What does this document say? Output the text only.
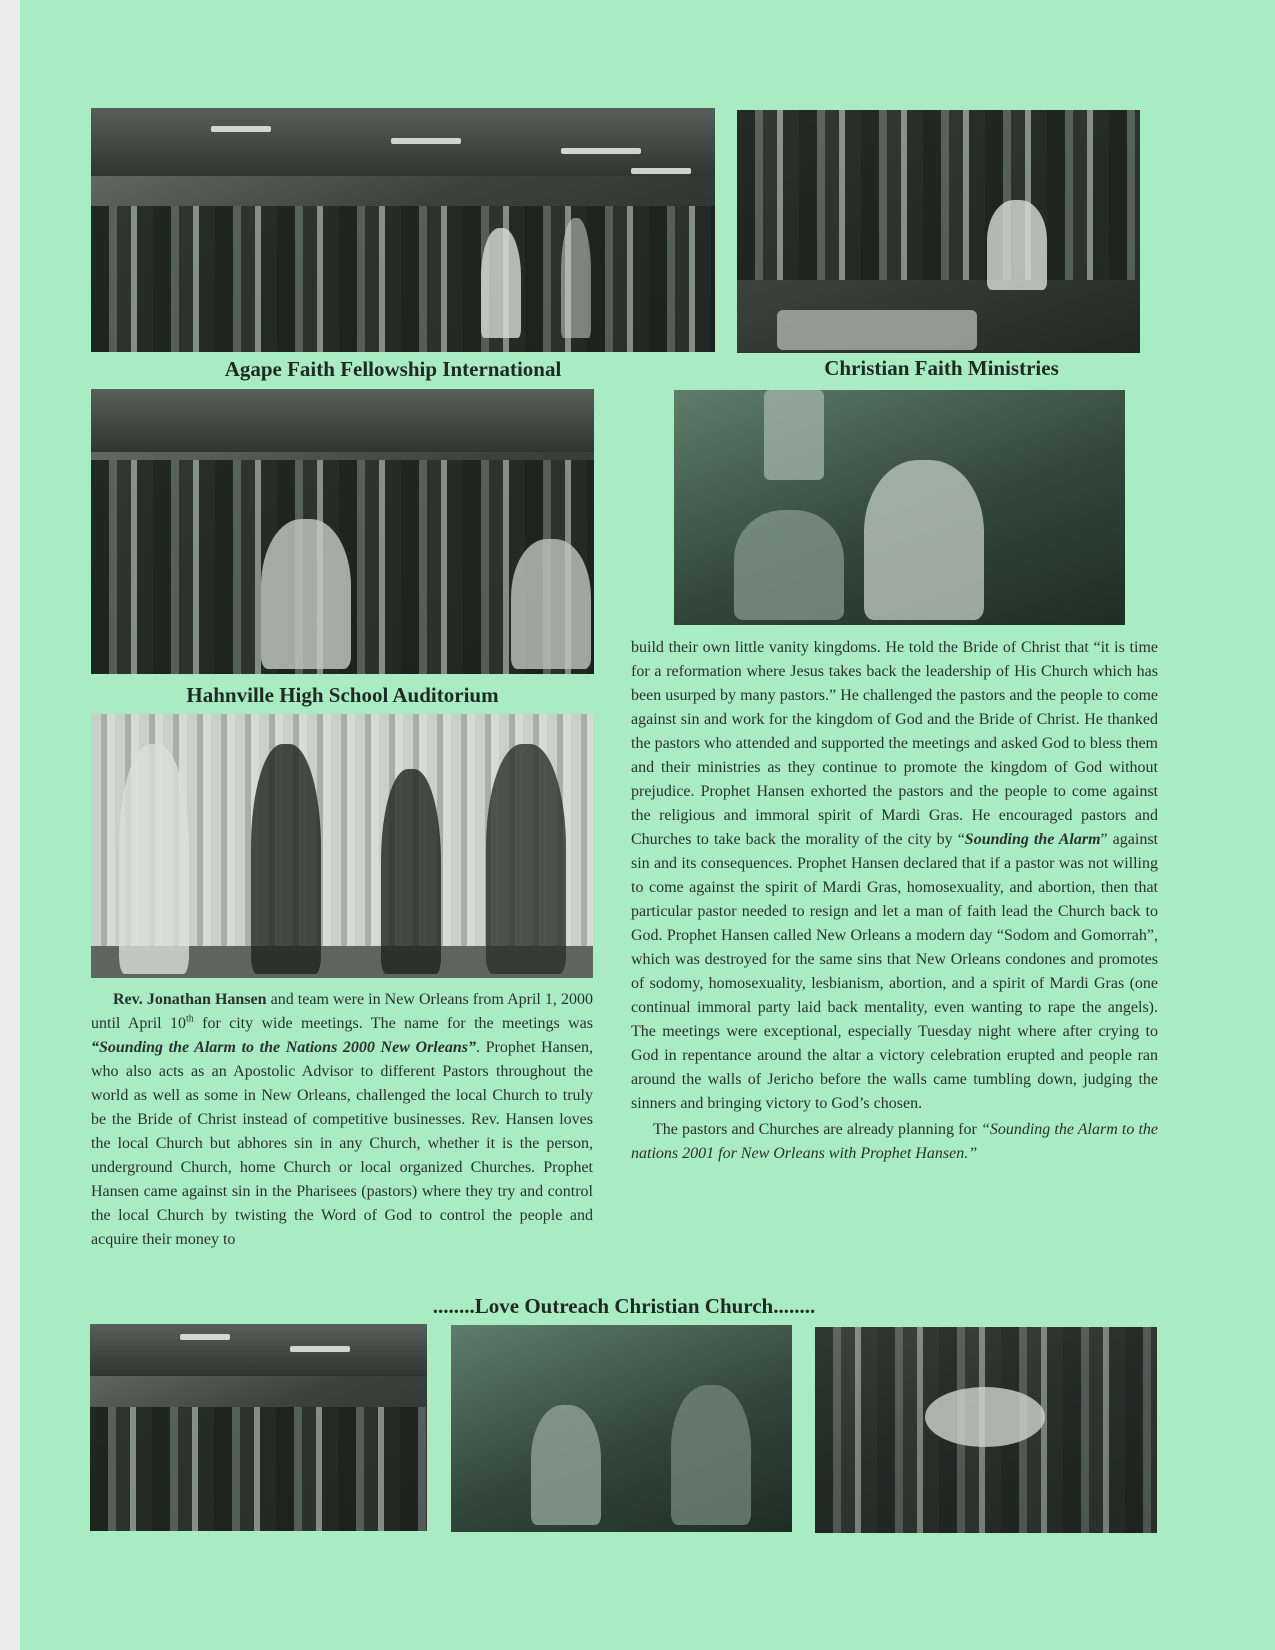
Agape Faith Fellowship International	Christian Faith Ministries
Hahnville High School Auditorium

Rev. Jonathan Hansen and team were in New Orleans from April 1, 2000 until April 10th for city wide meetings. The name for the meetings was “Sounding the Alarm to the Nations 2000 New Orleans”. Prophet Hansen, who also acts as an Apostolic Advisor to different Pastors throughout the world as well as some in New Orleans, challenged the local Church to truly be the Bride of Christ instead of competitive businesses. Rev. Hansen loves the local Church but abhores sin in any Church, whether it is the person, underground Church, home Church or local organized Churches. Prophet Hansen came against sin in the Pharisees (pastors) where they try and control the local Church by twisting the Word of God to control the people and acquire their money to

build their own little vanity kingdoms. He told the Bride of Christ that “it is time for a reformation where Jesus takes back the leadership of His Church which has been usurped by many pastors.” He challenged the pastors and the people to come against sin and work for the kingdom of God and the Bride of Christ. He thanked the pastors who attended and supported the meetings and asked God to bless them and their ministries as they continue to promote the kingdom of God without prejudice. Prophet Hansen exhorted the pastors and the people to come against the religious and immoral spirit of Mardi Gras. He encouraged pastors and Churches to take back the morality of the city by “Sounding the Alarm” against sin and its consequences. Prophet Hansen declared that if a pastor was not willing to come against the spirit of Mardi Gras, homosexuality, and abortion, then that particular pastor needed to resign and let a man of faith lead the Church back to God. Prophet Hansen called New Orleans a modern day “Sodom and Gomorrah”, which was destroyed for the same sins that New Orleans condones and promotes of sodomy, homosexuality, lesbianism, abortion, and a spirit of Mardi Gras (one continual immoral party laid back mentality, even wanting to rape the angels). The meetings were exceptional, especially Tuesday night where after crying to God in repentance around the altar a victory celebration erupted and people ran around the walls of Jericho before the walls came tumbling down, judging the sinners and bringing victory to God’s chosen.

The pastors and Churches are already planning for “Sounding the Alarm to the nations 2001 for New Orleans with Prophet Hansen.”

........Love Outreach Christian Church........
